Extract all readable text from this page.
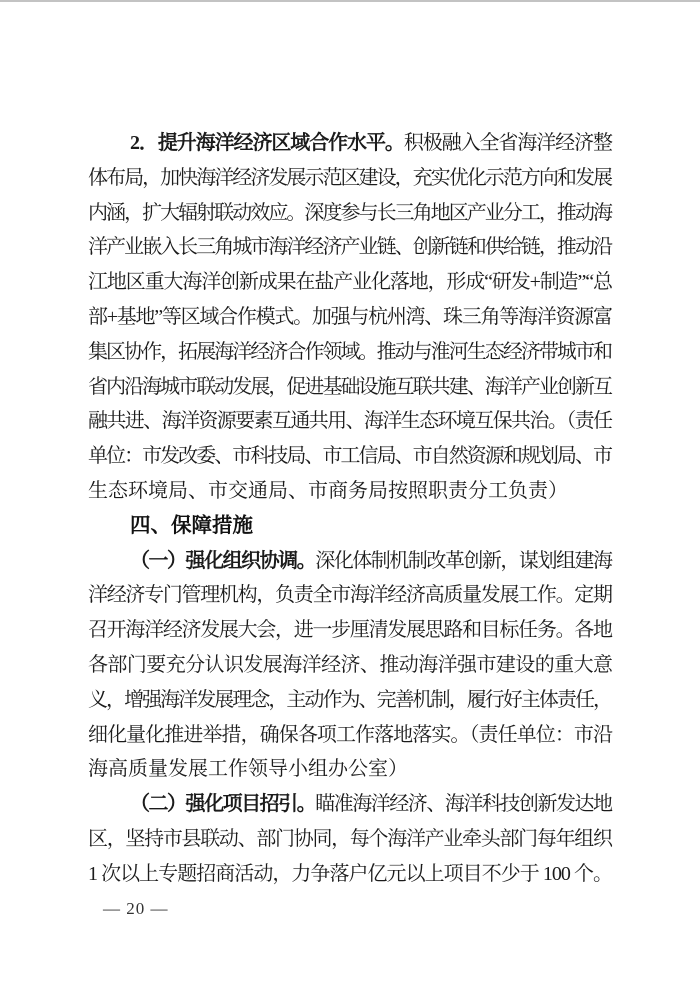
2．提升海洋经济区域合作水平。积极融入全省海洋经济整
体布局，加快海洋经济发展示范区建设，充实优化示范方向和发展
内涵，扩大辐射联动效应。深度参与长三角地区产业分工，推动海
洋产业嵌入长三角城市海洋经济产业链、创新链和供给链，推动沿
江地区重大海洋创新成果在盐产业化落地，形成“研发+制造”“总
部+基地”等区域合作模式。加强与杭州湾、珠三角等海洋资源富
集区协作，拓展海洋经济合作领域。推动与淮河生态经济带城市和
省内沿海城市联动发展，促进基础设施互联共建、海洋产业创新互
融共进、海洋资源要素互通共用、海洋生态环境互保共治。（责任
单位：市发改委、市科技局、市工信局、市自然资源和规划局、市
生态环境局、市交通局、市商务局按照职责分工负责）
四、保障措施
（一）强化组织协调。深化体制机制改革创新，谋划组建海
洋经济专门管理机构，负责全市海洋经济高质量发展工作。定期
召开海洋经济发展大会，进一步厘清发展思路和目标任务。各地
各部门要充分认识发展海洋经济、推动海洋强市建设的重大意
义，增强海洋发展理念，主动作为、完善机制，履行好主体责任，
细化量化推进举措，确保各项工作落地落实。（责任单位：市沿
海高质量发展工作领导小组办公室）
（二）强化项目招引。瞄准海洋经济、海洋科技创新发达地
区，坚持市县联动、部门协同，每个海洋产业牵头部门每年组织
1 次以上专题招商活动，力争落户亿元以上项目不少于 100 个。
— 20 —
